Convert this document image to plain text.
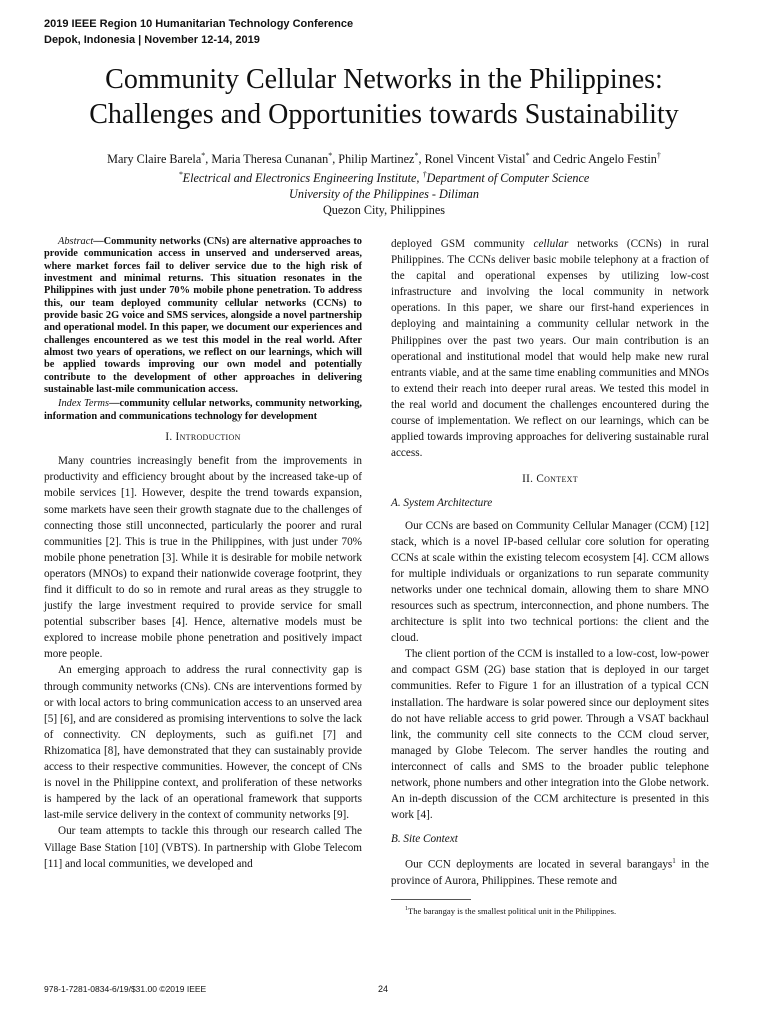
2019 IEEE Region 10 Humanitarian Technology Conference
Depok, Indonesia | November 12-14, 2019
Community Cellular Networks in the Philippines:
Challenges and Opportunities towards Sustainability
Mary Claire Barela*, Maria Theresa Cunanan*, Philip Martinez*, Ronel Vincent Vistal* and Cedric Angelo Festin†
*Electrical and Electronics Engineering Institute, †Department of Computer Science
University of the Philippines - Diliman
Quezon City, Philippines

Abstract—Community networks (CNs) are alternative approaches to provide communication access in unserved and underserved areas, where market forces fail to deliver service due to the high risk of investment and minimal returns. This situation resonates in the Philippines with just under 70% mobile phone penetration. To address this, our team deployed community cellular networks (CCNs) to provide basic 2G voice and SMS services, alongside a novel partnership and operational model. In this paper, we document our experiences and challenges encountered as we test this model in the real world. After almost two years of operations, we reflect on our learnings, which will be applied towards improving our own model and potentially contribute to the development of other approaches in delivering sustainable last-mile communication access.

Index Terms—community cellular networks, community networking, information and communications technology for development

I. Introduction

Many countries increasingly benefit from the improvements in productivity and efficiency brought about by the increased take-up of mobile services [1]. However, despite the trend towards expansion, some markets have seen their growth stagnate due to the challenges of connecting those still unconnected, particularly the poorer and rural communities [2]. This is true in the Philippines, with just under 70% mobile phone penetration [3]. While it is desirable for mobile network operators (MNOs) to expand their nationwide coverage footprint, they find it difficult to do so in remote and rural areas as they struggle to justify the large investment required to provide service for small potential subscriber bases [4]. Hence, alternative models must be explored to increase mobile phone penetration and positively impact more people.

An emerging approach to address the rural connectivity gap is through community networks (CNs). CNs are interventions formed by or with local actors to bring communication access to an unserved area [5] [6], and are considered as promising interventions to solve the lack of connectivity. CN deployments, such as guifi.net [7] and Rhizomatica [8], have demonstrated that they can sustainably provide access to their respective communities. However, the concept of CNs is novel in the Philippine context, and proliferation of these networks is hampered by the lack of an operational framework that supports last-mile service delivery in the context of community networks [9].

Our team attempts to tackle this through our research called The Village Base Station [10] (VBTS). In partnership with Globe Telecom [11] and local communities, we developed and

deployed GSM community cellular networks (CCNs) in rural Philippines. The CCNs deliver basic mobile telephony at a fraction of the capital and operational expenses by utilizing low-cost infrastructure and involving the local community in network operations. In this paper, we share our first-hand experiences in deploying and maintaining a community cellular network in the Philippines over the past two years. Our main contribution is an operational and institutional model that would help make new rural entrants viable, and at the same time enabling communities and MNOs to extend their reach into deeper rural areas. We tested this model in the real world and document the challenges encountered during the course of implementation. We reflect on our learnings, which can be applied towards improving approaches for delivering sustainable rural access.

II. Context
A. System Architecture

Our CCNs are based on Community Cellular Manager (CCM) [12] stack, which is a novel IP-based cellular core solution for operating CCNs at scale within the existing telecom ecosystem [4]. CCM allows for multiple individuals or organizations to run separate community networks under one technical domain, allowing them to share MNO resources such as spectrum, interconnection, and phone numbers. The architecture is split into two technical portions: the client and the cloud.

The client portion of the CCM is installed to a low-cost, low-power and compact GSM (2G) base station that is deployed in our target communities. Refer to Figure 1 for an illustration of a typical CCN installation. The hardware is solar powered since our deployment sites do not have reliable access to grid power. Through a VSAT backhaul link, the community cell site connects to the CCM cloud server, managed by Globe Telecom. The server handles the routing and interconnect of calls and SMS to the broader public telephone network, phone numbers and other integration into the Globe network. An in-depth discussion of the CCM architecture is presented in this work [4].

B. Site Context

Our CCN deployments are located in several barangays$^1$ in the province of Aurora, Philippines. These remote and

$^1$The barangay is the smallest political unit in the Philippines.

978-1-7281-0834-6/19/$31.00 ©2019 IEEE	24
